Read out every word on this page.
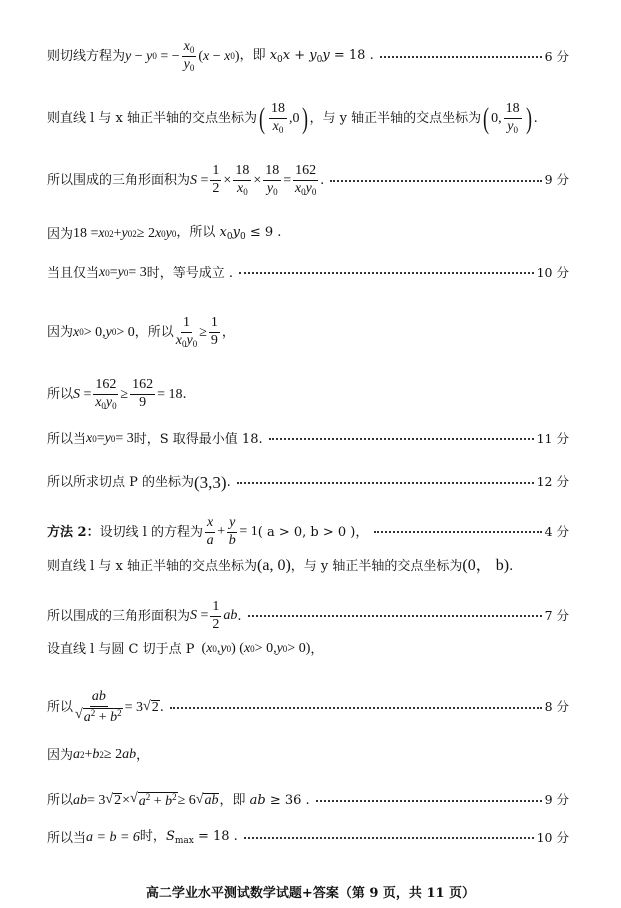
则切线方程为 y − y 0 = − $\frac{x_0}{y_0}$ ( x − x 0 ) ，即 $x_0x + y_0y = 18$ .	6 分
则直线 l 与 x 轴正半轴的交点坐标为 ( $\frac{18}{x_0} ,0$ ) ，与 y 轴正半轴的交点坐标为 ( 0, $\frac{18}{y_0}$ ) .
所以围成的三角形面积为 $S = \frac{1}{2} \times \frac{18}{x_0} \times \frac{18}{y_0} = \frac{162}{x_0y_0}$ .	9 分
因为 18 = x 0 2 + y 0 2 ≥ 2 x 0 y 0 ，所以 $x_0y_0 \le 9$ .
当且仅当 x 0 = y 0 = 3 时，等号成立 .	10 分
因为 x 0 > 0, y 0 > 0 ，所以 $\frac{1}{x_0y_0} \ge \frac{1}{9}$ ，
所以 $S = \frac{162}{x_0y_0} \ge \frac{162}{9} = 18$ .
所以当 x 0 = y 0 = 3 时，S 取得最小值 18.	11 分
所以所求切点 P 的坐标为 (3,3) .	12 分
方法 2： 设切线 l 的方程为 $\frac{x}{a} + \frac{y}{b} = 1$ ( a > 0, b > 0 )，	4 分
则直线 l 与 x 轴正半轴的交点坐标为 (a, 0) ，与 y 轴正半轴的交点坐标为 (0， b) .
所以围成的三角形面积为 $S = \frac{1}{2}$ ab .	7 分
设直线 l 与圆 C 切于点 P ( x 0 , y 0 ) ( x 0 > 0, y 0 > 0) ，
所以 $\frac{ab}{√ a^2 + b^2} = 3$ √ 2 .	8 分
因为 a 2 + b 2 ≥ 2 ab ，
所以 ab = 3 √ 2 × √ $a^2 + b^2 \ge 6$ √ ab ，即 ab ≥ 36 .	9 分
所以当 a = b = 6 时，$S_{max} = 18$ .	10 分
高二学业水平测试数学试题+答案（第 9 页，共 11 页）
